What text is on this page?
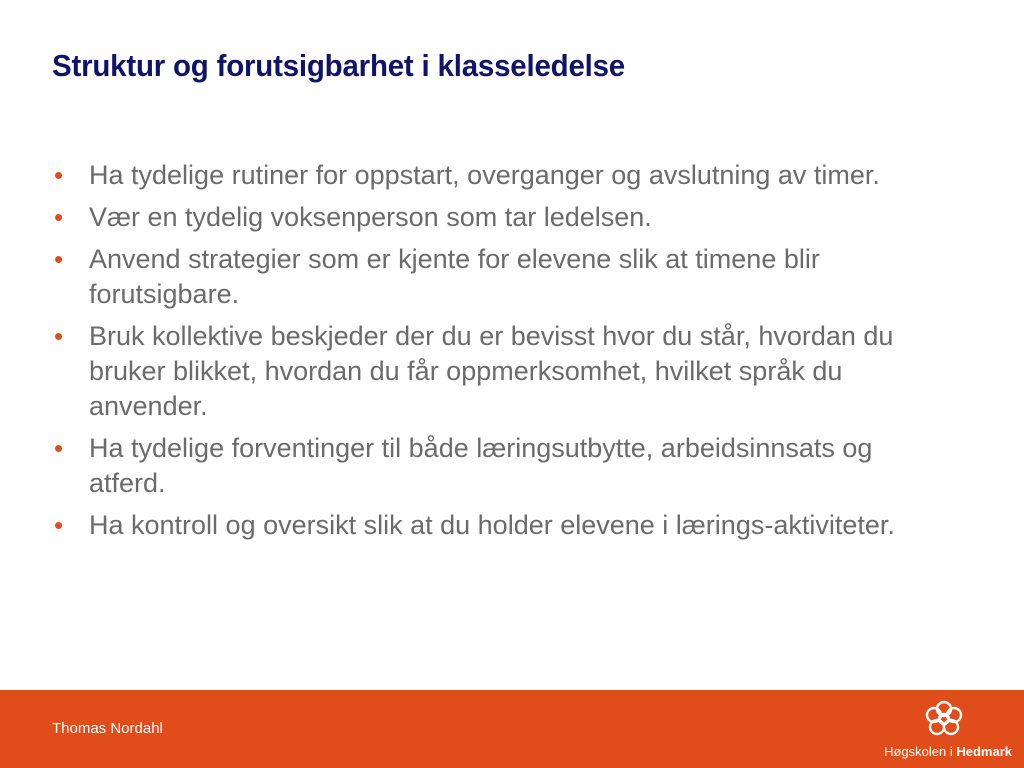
Struktur og forutsigbarhet i klasseledelse
• Ha tydelige rutiner for oppstart, overganger og avslutning av timer.
• Vær en tydelig voksenperson som tar ledelsen.
• Anvend strategier som er kjente for elevene slik at timene blir forutsigbare.
• Bruk kollektive beskjeder der du er bevisst hvor du står, hvordan du bruker blikket, hvordan du får oppmerksomhet, hvilket språk du anvender.
• Ha tydelige forventinger til både læringsutbytte, arbeidsinnsats og atferd.
• Ha kontroll og oversikt slik at du holder elevene i lærings-aktiviteter.
Thomas Nordahl
Høgskolen i Hedmark
